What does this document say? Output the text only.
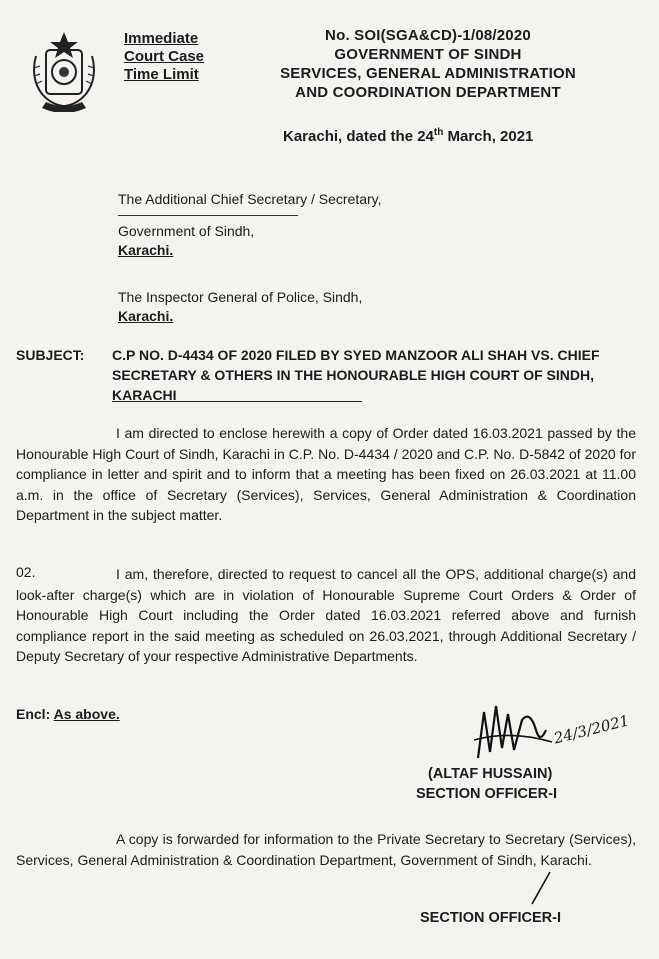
Immediate
Court Case
Time Limit
No. SOI(SGA&CD)-1/08/2020
GOVERNMENT OF SINDH
SERVICES, GENERAL ADMINISTRATION
AND COORDINATION DEPARTMENT
Karachi, dated the 24th March, 2021
The Additional Chief Secretary / Secretary,
Government of Sindh,
Karachi.
The Inspector General of Police, Sindh,
Karachi.
SUBJECT: C.P NO. D-4434 OF 2020 FILED BY SYED MANZOOR ALI SHAH VS. CHIEF SECRETARY & OTHERS IN THE HONOURABLE HIGH COURT OF SINDH, KARACHI
I am directed to enclose herewith a copy of Order dated 16.03.2021 passed by the Honourable High Court of Sindh, Karachi in C.P. No. D-4434 / 2020 and C.P. No. D-5842 of 2020 for compliance in letter and spirit and to inform that a meeting has been fixed on 26.03.2021 at 11.00 a.m. in the office of Secretary (Services), Services, General Administration & Coordination Department in the subject matter.
02.	I am, therefore, directed to request to cancel all the OPS, additional charge(s) and look-after charge(s) which are in violation of Honourable Supreme Court Orders & Order of Honourable High Court including the Order dated 16.03.2021 referred above and furnish compliance report in the said meeting as scheduled on 26.03.2021, through Additional Secretary / Deputy Secretary of your respective Administrative Departments.
Encl: As above.	24/3/2021
(ALTAF HUSSAIN)
SECTION OFFICER-I
A copy is forwarded for information to the Private Secretary to Secretary (Services), Services, General Administration & Coordination Department, Government of Sindh, Karachi.
SECTION OFFICER-I
